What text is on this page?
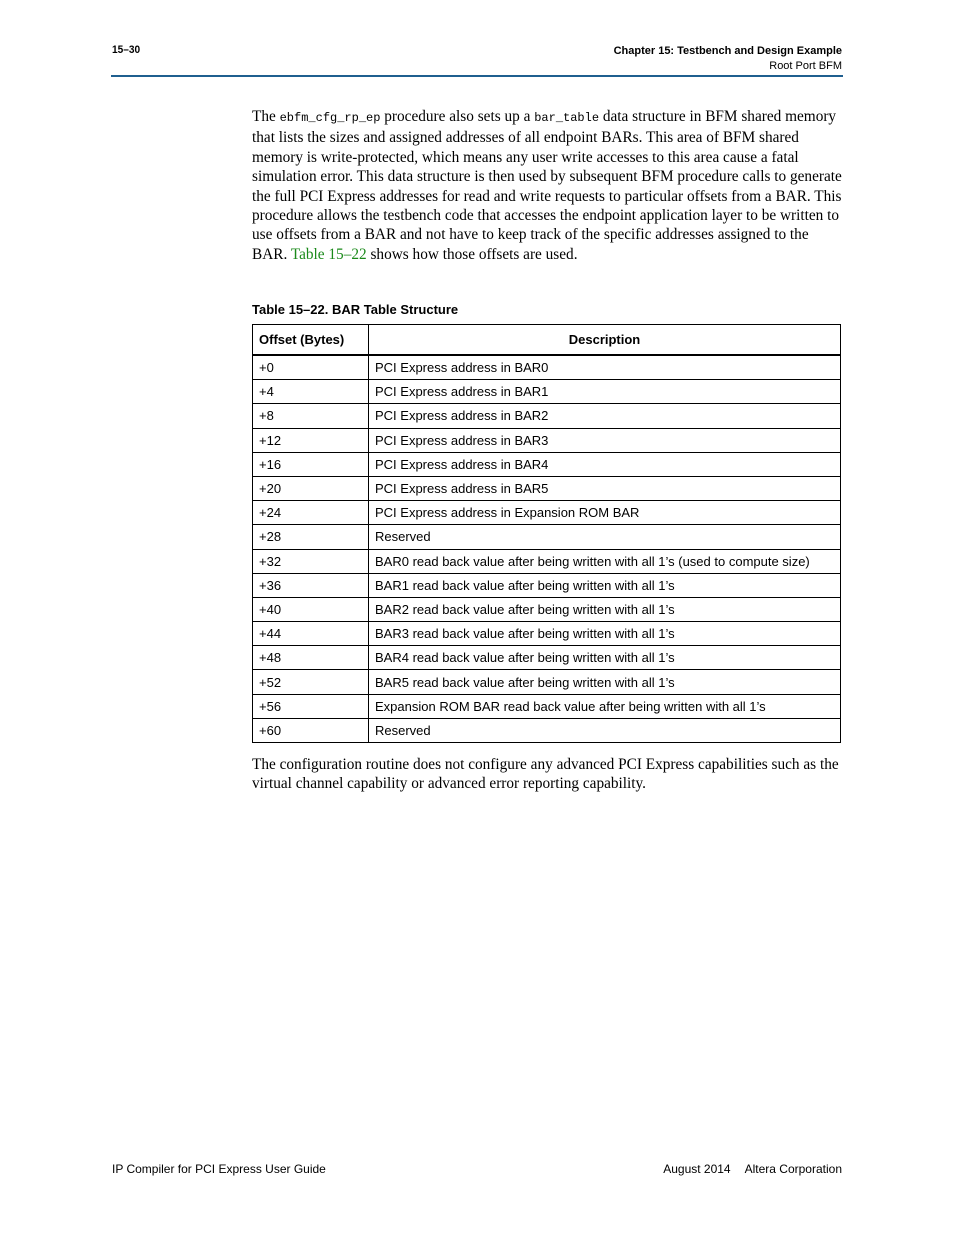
15–30	Chapter 15: Testbench and Design Example
Root Port BFM
The ebfm_cfg_rp_ep procedure also sets up a bar_table data structure in BFM shared memory that lists the sizes and assigned addresses of all endpoint BARs. This area of BFM shared memory is write-protected, which means any user write accesses to this area cause a fatal simulation error. This data structure is then used by subsequent BFM procedure calls to generate the full PCI Express addresses for read and write requests to particular offsets from a BAR. This procedure allows the testbench code that accesses the endpoint application layer to be written to use offsets from a BAR and not have to keep track of the specific addresses assigned to the BAR. Table 15–22 shows how those offsets are used.
Table 15–22. BAR Table Structure
Offset (Bytes)	Description
+0	PCI Express address in BAR0
+4	PCI Express address in BAR1
+8	PCI Express address in BAR2
+12	PCI Express address in BAR3
+16	PCI Express address in BAR4
+20	PCI Express address in BAR5
+24	PCI Express address in Expansion ROM BAR
+28	Reserved
+32	BAR0 read back value after being written with all 1’s (used to compute size)
+36	BAR1 read back value after being written with all 1’s
+40	BAR2 read back value after being written with all 1’s
+44	BAR3 read back value after being written with all 1’s
+48	BAR4 read back value after being written with all 1’s
+52	BAR5 read back value after being written with all 1’s
+56	Expansion ROM BAR read back value after being written with all 1’s
+60	Reserved
The configuration routine does not configure any advanced PCI Express capabilities such as the virtual channel capability or advanced error reporting capability.
IP Compiler for PCI Express User Guide	August 2014 Altera Corporation
